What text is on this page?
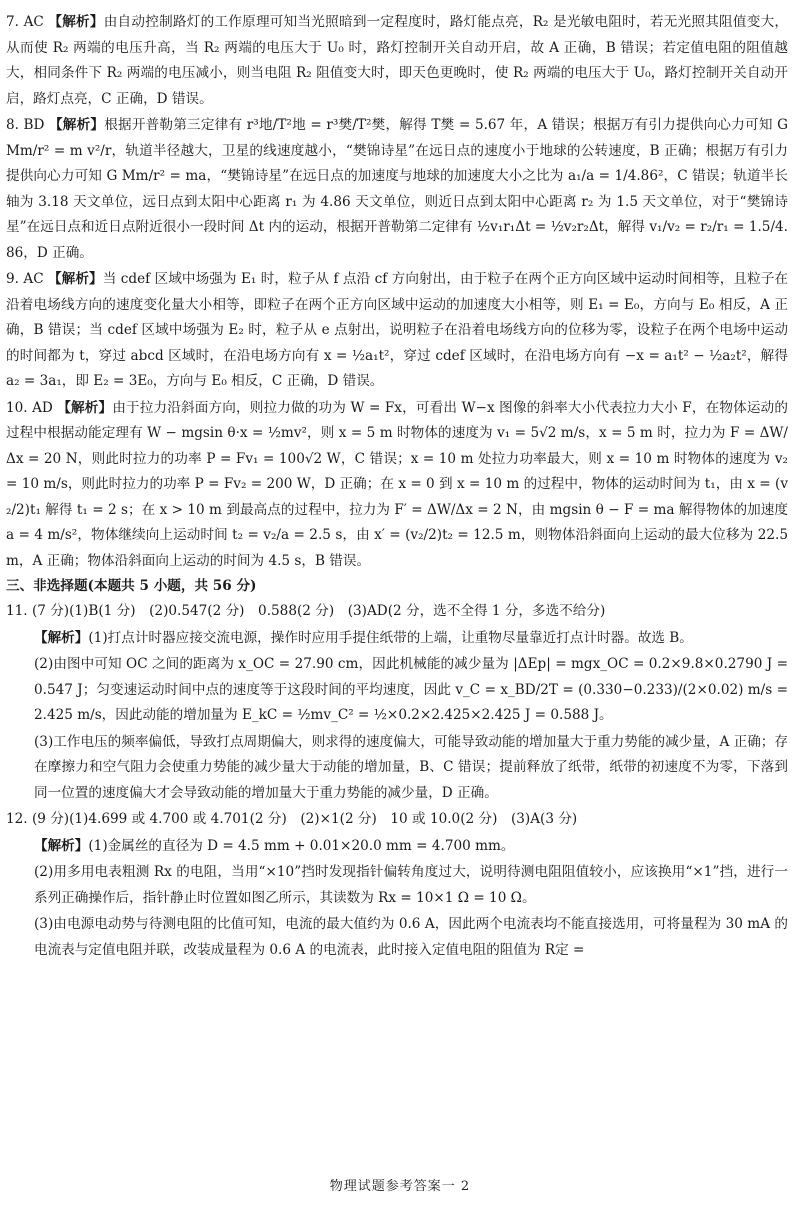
7. AC 【解析】由自动控制路灯的工作原理可知当光照暗到一定程度时，路灯能点亮，R₂ 是光敏电阻时，若无光照其阻值变大，从而使 R₂ 两端的电压升高，当 R₂ 两端的电压大于 U₀ 时，路灯控制开关自动开启，故 A 正确，B 错误；若定值电阻的阻值越大，相同条件下 R₂ 两端的电压减小，则当电阻 R₂ 阻值变大时，即天色更晚时，使 R₂ 两端的电压大于 U₀，路灯控制开关自动开启，路灯点亮，C 正确，D 错误。

8. BD 【解析】根据开普勒第三定律有 r³地/T²地 = r³樊/T²樊，解得 T樊 = 5.67 年，A 错误；根据万有引力提供向心力可知 G Mm/r² = m v²/r，轨道半径越大，卫星的线速度越小，“樊锦诗星”在远日点的速度小于地球的公转速度，B 正确；根据万有引力提供向心力可知 G Mm/r² = ma，“樊锦诗星”在远日点的加速度与地球的加速度大小之比为 a₁/a = 1/4.86²，C 错误；轨道半长轴为 3.18 天文单位，远日点到太阳中心距离 r₁ 为 4.86 天文单位，则近日点到太阳中心距离 r₂ 为 1.5 天文单位，对于“樊锦诗星”在远日点和近日点附近很小一段时间 Δt 内的运动，根据开普勒第二定律有 ½v₁r₁Δt = ½v₂r₂Δt，解得 v₁/v₂ = r₂/r₁ = 1.5/4.86，D 正确。

9. AC 【解析】当 cdef 区域中场强为 E₁ 时，粒子从 f 点沿 cf 方向射出，由于粒子在两个正方向区域中运动时间相等，且粒子在沿着电场线方向的速度变化量大小相等，即粒子在两个正方向区域中运动的加速度大小相等，则 E₁ = E₀，方向与 E₀ 相反，A 正确，B 错误；当 cdef 区域中场强为 E₂ 时，粒子从 e 点射出，说明粒子在沿着电场线方向的位移为零，设粒子在两个电场中运动的时间都为 t，穿过 abcd 区域时，在沿电场方向有 x = ½a₁t²，穿过 cdef 区域时，在沿电场方向有 −x = a₁t² − ½a₂t²，解得 a₂ = 3a₁，即 E₂ = 3E₀，方向与 E₀ 相反，C 正确，D 错误。

10. AD 【解析】由于拉力沿斜面方向，则拉力做的功为 W = Fx，可看出 W−x 图像的斜率大小代表拉力大小 F，在物体运动的过程中根据动能定理有 W − mgsin θ·x = ½mv²，则 x = 5 m 时物体的速度为 v₁ = 5√2 m/s，x = 5 m 时，拉力为 F = ΔW/Δx = 20 N，则此时拉力的功率 P = Fv₁ = 100√2 W，C 错误；x = 10 m 处拉力功率最大，则 x = 10 m 时物体的速度为 v₂ = 10 m/s，则此时拉力的功率 P = Fv₂ = 200 W，D 正确；在 x = 0 到 x = 10 m 的过程中，物体的运动时间为 t₁，由 x = (v₂/2)t₁ 解得 t₁ = 2 s；在 x > 10 m 到最高点的过程中，拉力为 F′ = ΔW/Δx = 2 N，由 mgsin θ − F = ma 解得物体的加速度 a = 4 m/s²，物体继续向上运动时间 t₂ = v₂/a = 2.5 s，由 x′ = (v₂/2)t₂ = 12.5 m，则物体沿斜面向上运动的最大位移为 22.5 m，A 正确；物体沿斜面向上运动的时间为 4.5 s，B 错误。

三、非选择题(本题共 5 小题，共 56 分)

11. (7 分)(1)B(1 分)　(2)0.547(2 分)　0.588(2 分)　(3)AD(2 分，选不全得 1 分，多选不给分)

【解析】(1)打点计时器应接交流电源，操作时应用手提住纸带的上端，让重物尽量靠近打点计时器。故选 B。

(2)由图中可知 OC 之间的距离为 x_OC = 27.90 cm，因此机械能的减少量为 |ΔEp| = mgx_OC = 0.2×9.8×0.2790 J = 0.547 J；匀变速运动时间中点的速度等于这段时间的平均速度，因此 v_C = x_BD/2T = (0.330−0.233)/(2×0.02) m/s = 2.425 m/s，因此动能的增加量为 E_kC = ½mv_C² = ½×0.2×2.425×2.425 J = 0.588 J。

(3)工作电压的频率偏低，导致打点周期偏大，则求得的速度偏大，可能导致动能的增加量大于重力势能的减少量，A 正确；存在摩擦力和空气阻力会使重力势能的减少量大于动能的增加量，B、C 错误；提前释放了纸带，纸带的初速度不为零，下落到同一位置的速度偏大才会导致动能的增加量大于重力势能的减少量，D 正确。

12. (9 分)(1)4.699 或 4.700 或 4.701(2 分)　(2)×1(2 分)　10 或 10.0(2 分)　(3)A(3 分)

【解析】(1)金属丝的直径为 D = 4.5 mm + 0.01×20.0 mm = 4.700 mm。

(2)用多用电表粗测 Rx 的电阻，当用“×10”挡时发现指针偏转角度过大，说明待测电阻阻值较小，应该换用“×1”挡，进行一系列正确操作后，指针静止时位置如图乙所示，其读数为 Rx = 10×1 Ω = 10 Ω。

(3)由电源电动势与待测电阻的比值可知，电流的最大值约为 0.6 A，因此两个电流表均不能直接选用，可将量程为 30 mA 的电流表与定值电阻并联，改装成量程为 0.6 A 的电流表，此时接入定值电阻的阻值为 R定 =

物理试题参考答案一 2
